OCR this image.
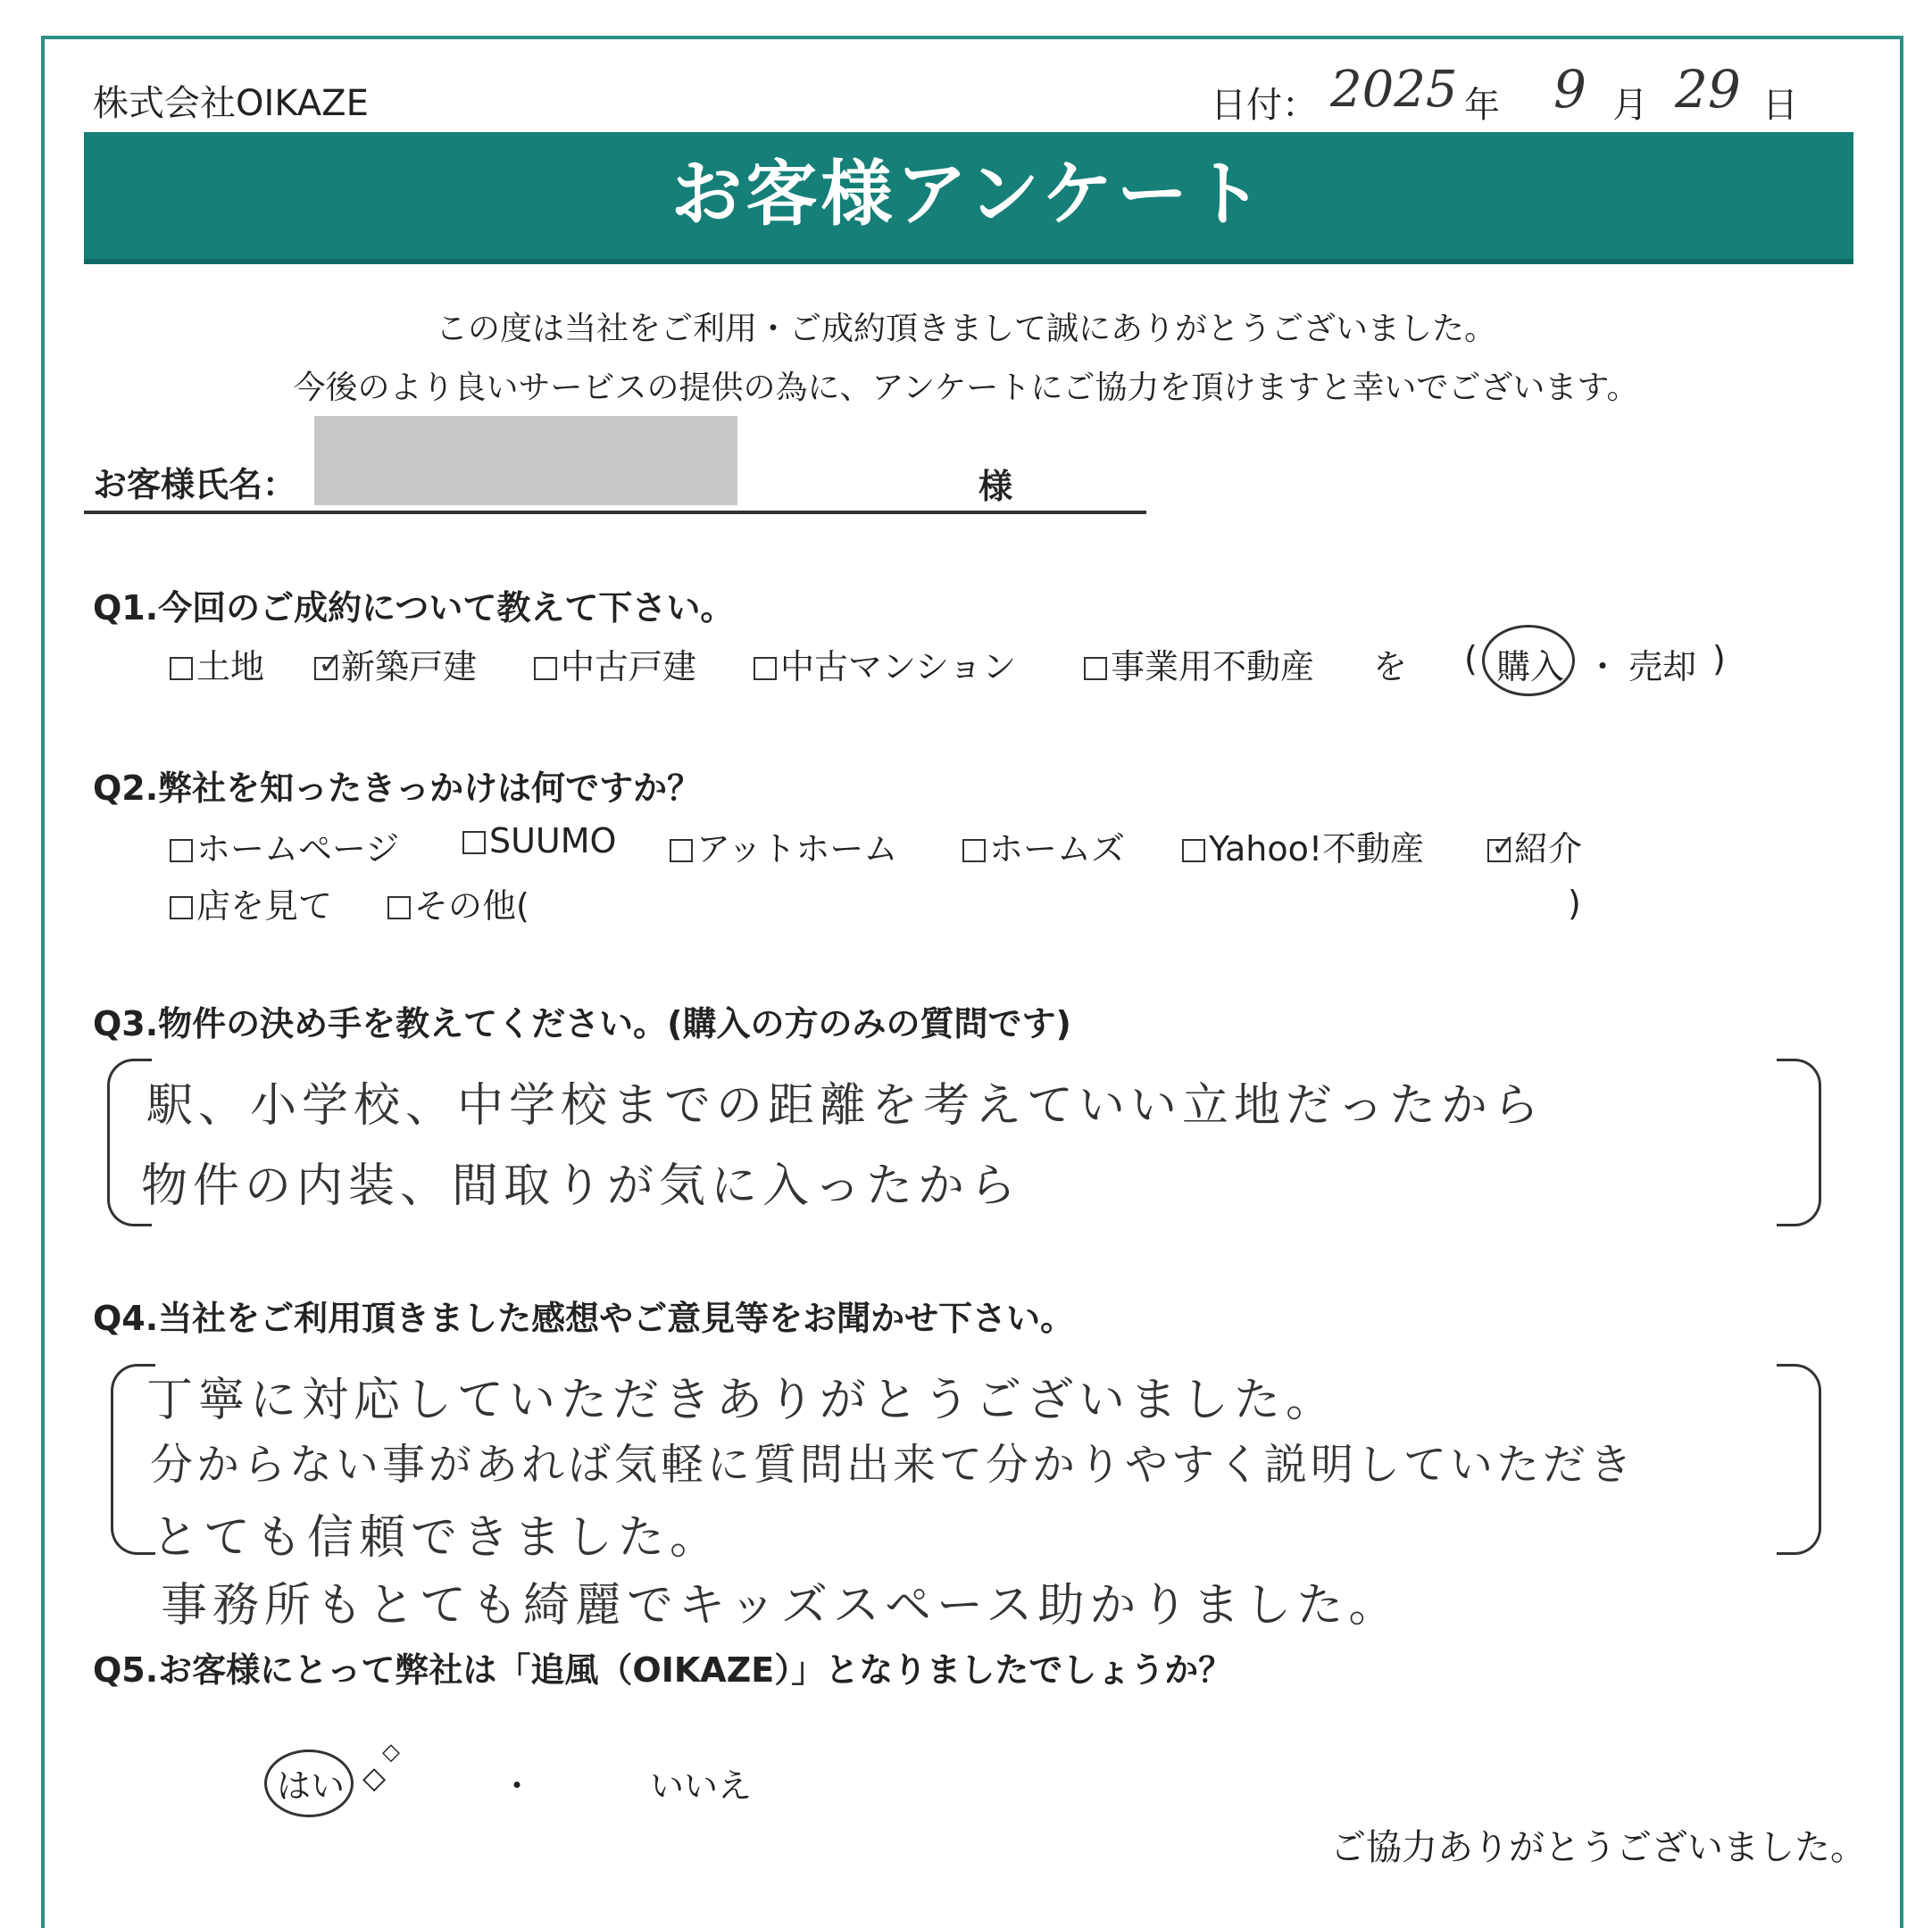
株式会社OIKAZE	日付： 2025 年 9 月 29 日
お客様アンケート
この度は当社をご利用・ご成約頂きまして誠にありがとうございました。
今後のより良いサービスの提供の為に、アンケートにご協力を頂けますと幸いでございます。
お客様氏名：	様
Q1.今回のご成約について教えて下さい。
土地 ✓
新築戸建	中古戸建	中古マンション	事業用不動産 を ( 購入 ・ 売却 )
Q2.弊社を知ったきっかけは何ですか？
ホームページ	SUUMO	アットホーム	ホームズ	Yahoo!不動産 ✓
紹介
店を見て	その他(	)
Q3.物件の決め手を教えてください。(購入の方のみの質問です)
駅、小学校、中学校までの距離を考えていい立地だったから
物件の内装、間取りが気に入ったから
Q4.当社をご利用頂きました感想やご意見等をお聞かせ下さい。
丁寧に対応していただきありがとうございました。
分からない事があれば気軽に質問出来て分かりやすく説明していただき
とても信頼できました。
事務所もとても綺麗でキッズスペース助かりました。
Q5.お客様にとって弊社は「追風（OIKAZE）」となりましたでしょうか？
はい ◇
◇
・	いいえ
ご協力ありがとうございました。
